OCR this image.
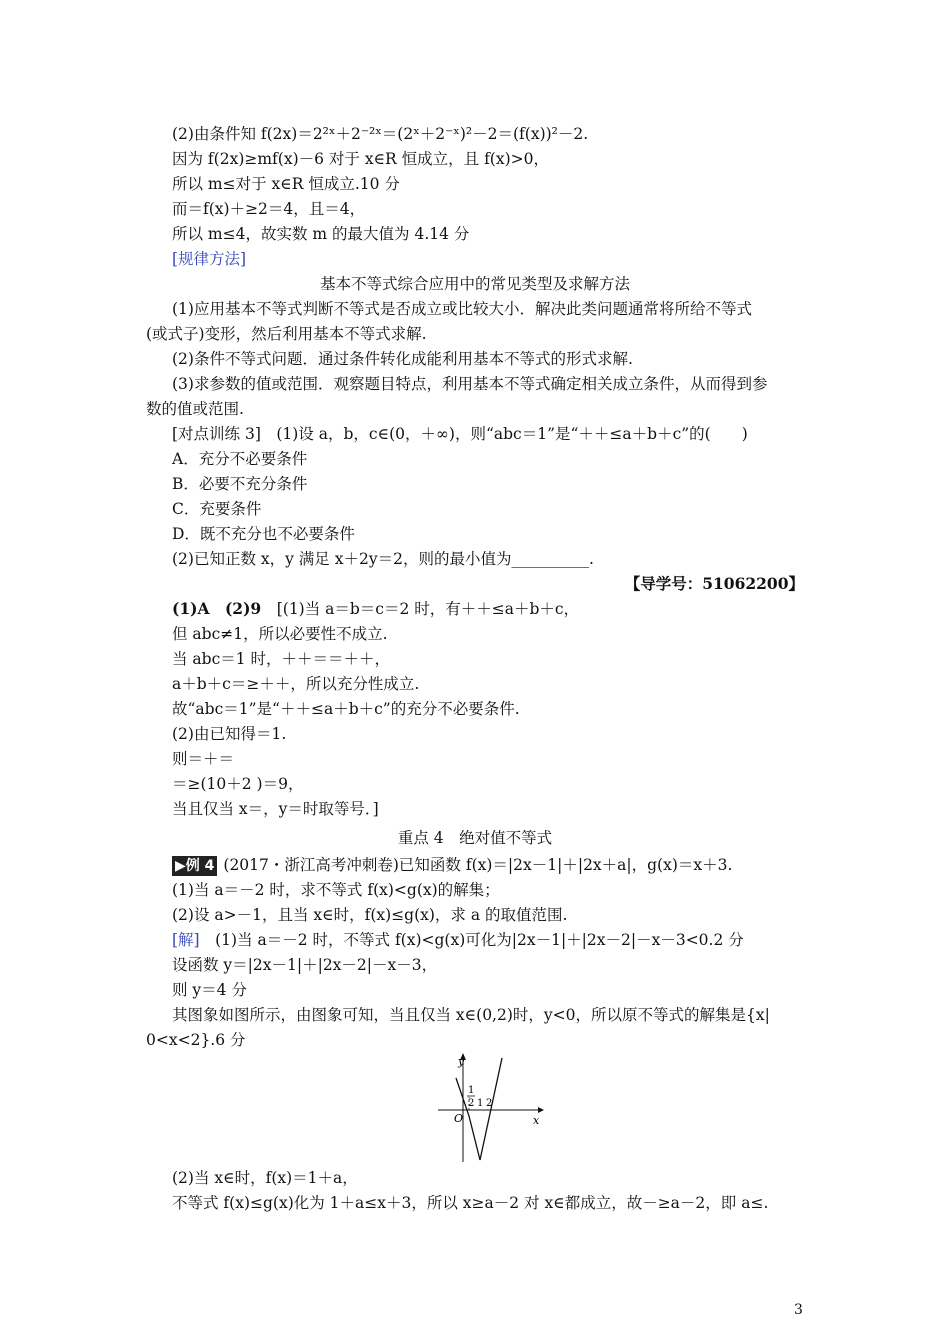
(2)由条件知 f(2x)＝2²ˣ＋2⁻²ˣ＝(2ˣ＋2⁻ˣ)²－2＝(f(x))²－2.
因为 f(2x)≥mf(x)－6 对于 x∈R 恒成立，且 f(x)>0，
所以 m≤对于 x∈R 恒成立.10 分
而＝f(x)＋≥2＝4，且＝4，
所以 m≤4，故实数 m 的最大值为 4.14 分
[规律方法]
基本不等式综合应用中的常见类型及求解方法
(1)应用基本不等式判断不等式是否成立或比较大小．解决此类问题通常将所给不等式
(或式子)变形，然后利用基本不等式求解.
(2)条件不等式问题．通过条件转化成能利用基本不等式的形式求解.
(3)求参数的值或范围．观察题目特点，利用基本不等式确定相关成立条件，从而得到参
数的值或范围.
[对点训练 3]　(1)设 a，b，c∈(0，＋∞)，则“abc＝1”是“＋＋≤a＋b＋c”的(　　)
A．充分不必要条件
B．必要不充分条件
C．充要条件
D．既不充分也不必要条件
(2)已知正数 x，y 满足 x＋2y＝2，则的最小值为__________.
【导学号：51062200】
(1)A　(2)9　[(1)当 a＝b＝c＝2 时，有＋＋≤a＋b＋c，
但 abc≠1，所以必要性不成立.
当 abc＝1 时，＋＋＝＝＋＋，
a＋b＋c＝≥＋＋，所以充分性成立.
故“abc＝1”是“＋＋≤a＋b＋c”的充分不必要条件.
(2)由已知得＝1.
则＝＋＝
＝≥(10＋2 )＝9，
当且仅当 x＝，y＝时取等号．]
重点 4　绝对值不等式
▶例 4 (2017・浙江高考冲刺卷)已知函数 f(x)＝|2x－1|＋|2x＋a|，g(x)＝x＋3.
(1)当 a＝－2 时，求不等式 f(x)<g(x)的解集；
(2)设 a>－1，且当 x∈时，f(x)≤g(x)，求 a 的取值范围.
[解]　(1)当 a＝－2 时，不等式 f(x)<g(x)可化为|2x－1|＋|2x－2|－x－3<0.2 分
设函数 y＝|2x－1|＋|2x－2|－x－3，
则 y＝4 分
其图象如图所示，由图象可知，当且仅当 x∈(0,2)时，y<0，所以原不等式的解集是{x|
0<x<2}.6 分
y
x
O
1
2 1 2
(2)当 x∈时，f(x)＝1＋a，
不等式 f(x)≤g(x)化为 1＋a≤x＋3，所以 x≥a－2 对 x∈都成立，故－≥a－2，即 a≤.
3
